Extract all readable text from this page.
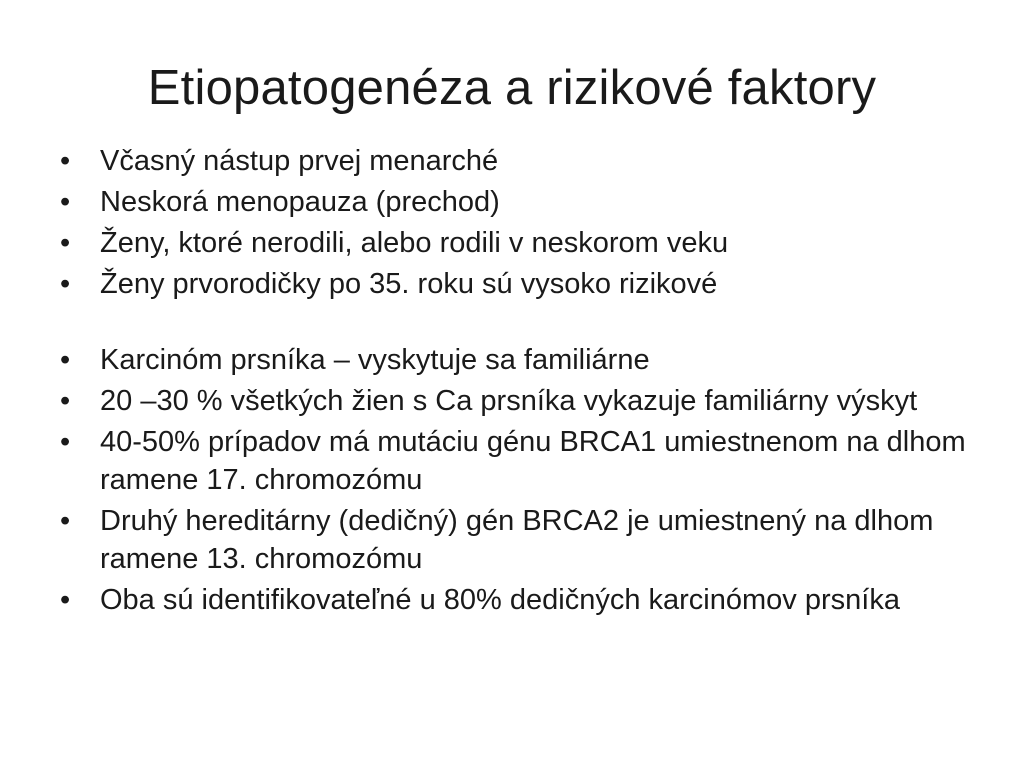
Etiopatogenéza a rizikové faktory
• Včasný nástup prvej menarché
• Neskorá menopauza (prechod)
• Ženy, ktoré nerodili, alebo rodili v neskorom veku
• Ženy prvorodičky po 35. roku sú vysoko rizikové
• Karcinóm prsníka – vyskytuje sa familiárne
• 20 –30 % všetkých žien s Ca prsníka vykazuje familiárny výskyt
• 40-50% prípadov má mutáciu génu BRCA1 umiestnenom na dlhom ramene 17. chromozómu
• Druhý hereditárny (dedičný) gén BRCA2 je umiestnený na dlhom ramene 13. chromozómu
• Oba sú identifikovateľné u 80% dedičných karcinómov prsníka
